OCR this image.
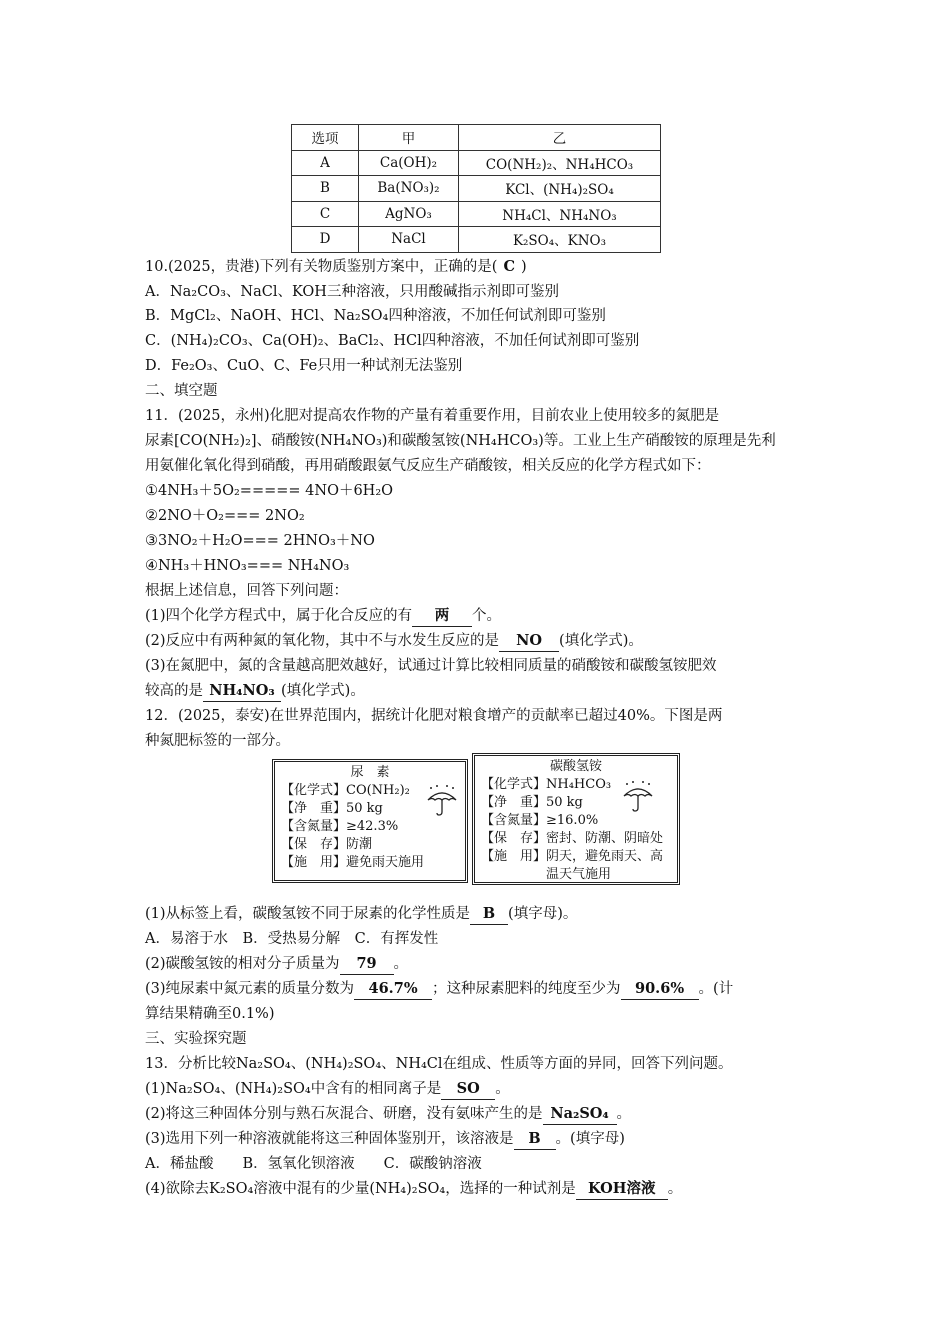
选项	甲	乙
A	Ca(OH)₂	CO(NH₂)₂、NH₄HCO₃
B	Ba(NO₃)₂	KCl、(NH₄)₂SO₄
C	AgNO₃	NH₄Cl、NH₄NO₃
D	NaCl	K₂SO₄、KNO₃
10.(2025，贵港)下列有关物质鉴别方案中，正确的是( C )
A．Na₂CO₃、NaCl、KOH三种溶液，只用酸碱指示剂即可鉴别
B．MgCl₂、NaOH、HCl、Na₂SO₄四种溶液，不加任何试剂即可鉴别
C．(NH₄)₂CO₃、Ca(OH)₂、BaCl₂、HCl四种溶液，不加任何试剂即可鉴别
D．Fe₂O₃、CuO、C、Fe只用一种试剂无法鉴别
二、填空题
11．(2025，永州)化肥对提高农作物的产量有着重要作用，目前农业上使用较多的氮肥是
尿素[CO(NH₂)₂]、硝酸铵(NH₄NO₃)和碳酸氢铵(NH₄HCO₃)等。工业上生产硝酸铵的原理是先利
用氨催化氧化得到硝酸，再用硝酸跟氨气反应生产硝酸铵，相关反应的化学方程式如下：
①4NH₃＋5O₂===== 4NO＋6H₂O
②2NO＋O₂=== 2NO₂
③3NO₂＋H₂O=== 2HNO₃＋NO
④NH₃＋HNO₃=== NH₄NO₃
根据上述信息，回答下列问题：
(1)四个化学方程式中，属于化合反应的有 两 个。
(2)反应中有两种氮的氧化物，其中不与水发生反应的是 NO (填化学式)。
(3)在氮肥中，氮的含量越高肥效越好，试通过计算比较相同质量的硝酸铵和碳酸氢铵肥效
较高的是 NH₄NO₃ (填化学式)。
12．(2025，泰安)在世界范围内，据统计化肥对粮食增产的贡献率已超过40%。下图是两
种氮肥标签的一部分。
尿　素
【化学式】CO(NH₂)₂
【净　重】50 kg
【含氮量】≥42.3%
【保　存】防潮
【施　用】避免雨天施用
碳酸氢铵
【化学式】NH₄HCO₃
【净　重】50 kg
【含氮量】≥16.0%
【保　存】密封、防潮、阴暗处
【施　用】阴天，避免雨天、高
　　　　　温天气施用
(1)从标签上看，碳酸氢铵不同于尿素的化学性质是 B (填字母)。
A．易溶于水　B．受热易分解　C．有挥发性
(2)碳酸氢铵的相对分子质量为 79 。
(3)纯尿素中氮元素的质量分数为 46.7% ；这种尿素肥料的纯度至少为 90.6% 。(计
算结果精确至0.1%)
三、实验探究题
13．分析比较Na₂SO₄、(NH₄)₂SO₄、NH₄Cl在组成、性质等方面的异同，回答下列问题。
(1)Na₂SO₄、(NH₄)₂SO₄中含有的相同离子是 SO 。
(2)将这三种固体分别与熟石灰混合、研磨，没有氨味产生的是 Na₂SO₄ 。
(3)选用下列一种溶液就能将这三种固体鉴别开，该溶液是 B 。(填字母)
A．稀盐酸　　B．氢氧化钡溶液　　C．碳酸钠溶液
(4)欲除去K₂SO₄溶液中混有的少量(NH₄)₂SO₄，选择的一种试剂是 KOH溶液 。
